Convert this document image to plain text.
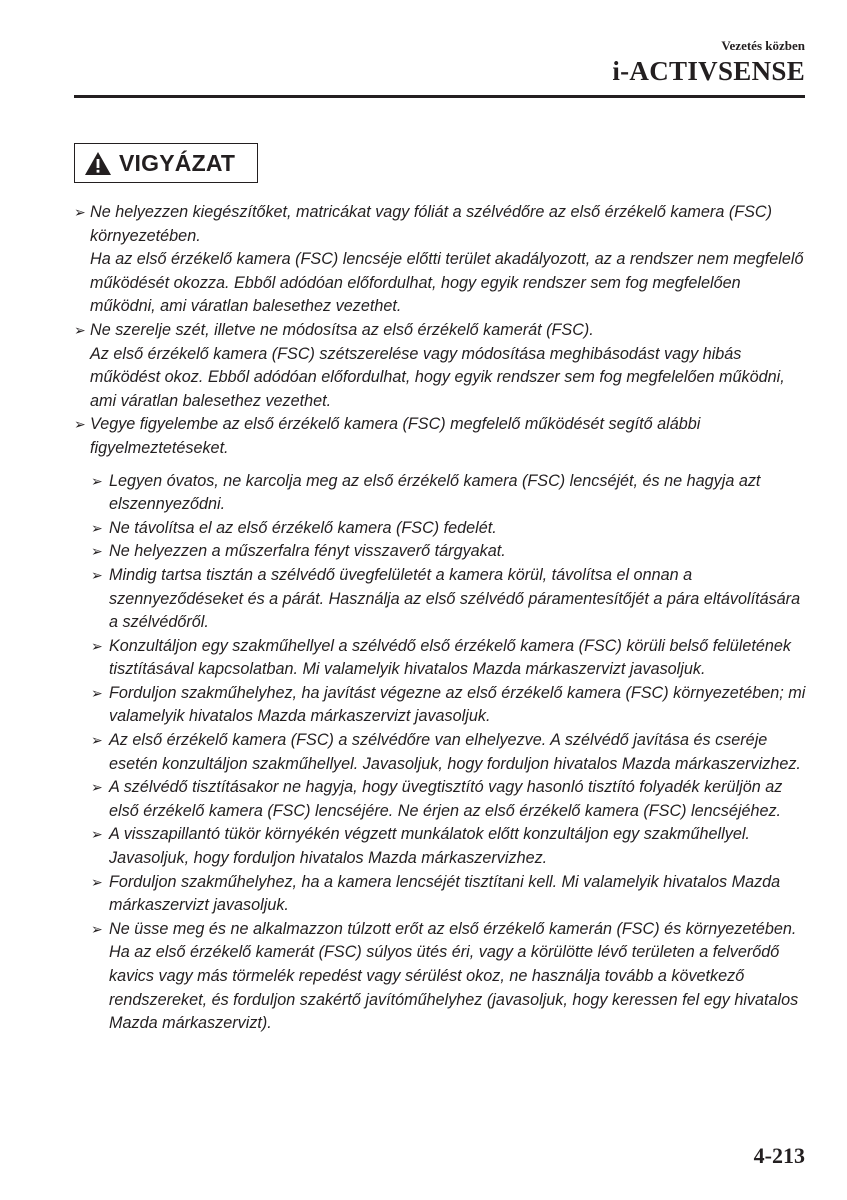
Vezetés közben
i-ACTIVSENSE
VIGYÁZAT
➢ Ne helyezzen kiegészítőket, matricákat vagy fóliát a szélvédőre az első érzékelő kamera (FSC) környezetében.
Ha az első érzékelő kamera (FSC) lencséje előtti terület akadályozott, az a rendszer nem megfelelő működését okozza. Ebből adódóan előfordulhat, hogy egyik rendszer sem fog megfelelően működni, ami váratlan balesethez vezethet.
➢ Ne szerelje szét, illetve ne módosítsa az első érzékelő kamerát (FSC).
Az első érzékelő kamera (FSC) szétszerelése vagy módosítása meghibásodást vagy hibás működést okoz. Ebből adódóan előfordulhat, hogy egyik rendszer sem fog megfelelően működni, ami váratlan balesethez vezethet.
➢ Vegye figyelembe az első érzékelő kamera (FSC) megfelelő működését segítő alábbi figyelmeztetéseket.
➢ Legyen óvatos, ne karcolja meg az első érzékelő kamera (FSC) lencséjét, és ne hagyja azt elszennyeződni.
➢ Ne távolítsa el az első érzékelő kamera (FSC) fedelét.
➢ Ne helyezzen a műszerfalra fényt visszaverő tárgyakat.
➢ Mindig tartsa tisztán a szélvédő üvegfelületét a kamera körül, távolítsa el onnan a szennyeződéseket és a párát. Használja az első szélvédő páramentesítőjét a pára eltávolítására a szélvédőről.
➢ Konzultáljon egy szakműhellyel a szélvédő első érzékelő kamera (FSC) körüli belső felületének tisztításával kapcsolatban. Mi valamelyik hivatalos Mazda márkaszervizt javasoljuk.
➢ Forduljon szakműhelyhez, ha javítást végezne az első érzékelő kamera (FSC) környezetében; mi valamelyik hivatalos Mazda márkaszervizt javasoljuk.
➢ Az első érzékelő kamera (FSC) a szélvédőre van elhelyezve. A szélvédő javítása és cseréje esetén konzultáljon szakműhellyel. Javasoljuk, hogy forduljon hivatalos Mazda márkaszervizhez.
➢ A szélvédő tisztításakor ne hagyja, hogy üvegtisztító vagy hasonló tisztító folyadék kerüljön az első érzékelő kamera (FSC) lencséjére. Ne érjen az első érzékelő kamera (FSC) lencséjéhez.
➢ A visszapillantó tükör környékén végzett munkálatok előtt konzultáljon egy szakműhellyel. Javasoljuk, hogy forduljon hivatalos Mazda márkaszervizhez.
➢ Forduljon szakműhelyhez, ha a kamera lencséjét tisztítani kell. Mi valamelyik hivatalos Mazda márkaszervizt javasoljuk.
➢ Ne üsse meg és ne alkalmazzon túlzott erőt az első érzékelő kamerán (FSC) és környezetében. Ha az első érzékelő kamerát (FSC) súlyos ütés éri, vagy a körülötte lévő területen a felverődő kavics vagy más törmelék repedést vagy sérülést okoz, ne használja tovább a következő rendszereket, és forduljon szakértő javítóműhelyhez (javasoljuk, hogy keressen fel egy hivatalos Mazda márkaszervizt).
4-213
